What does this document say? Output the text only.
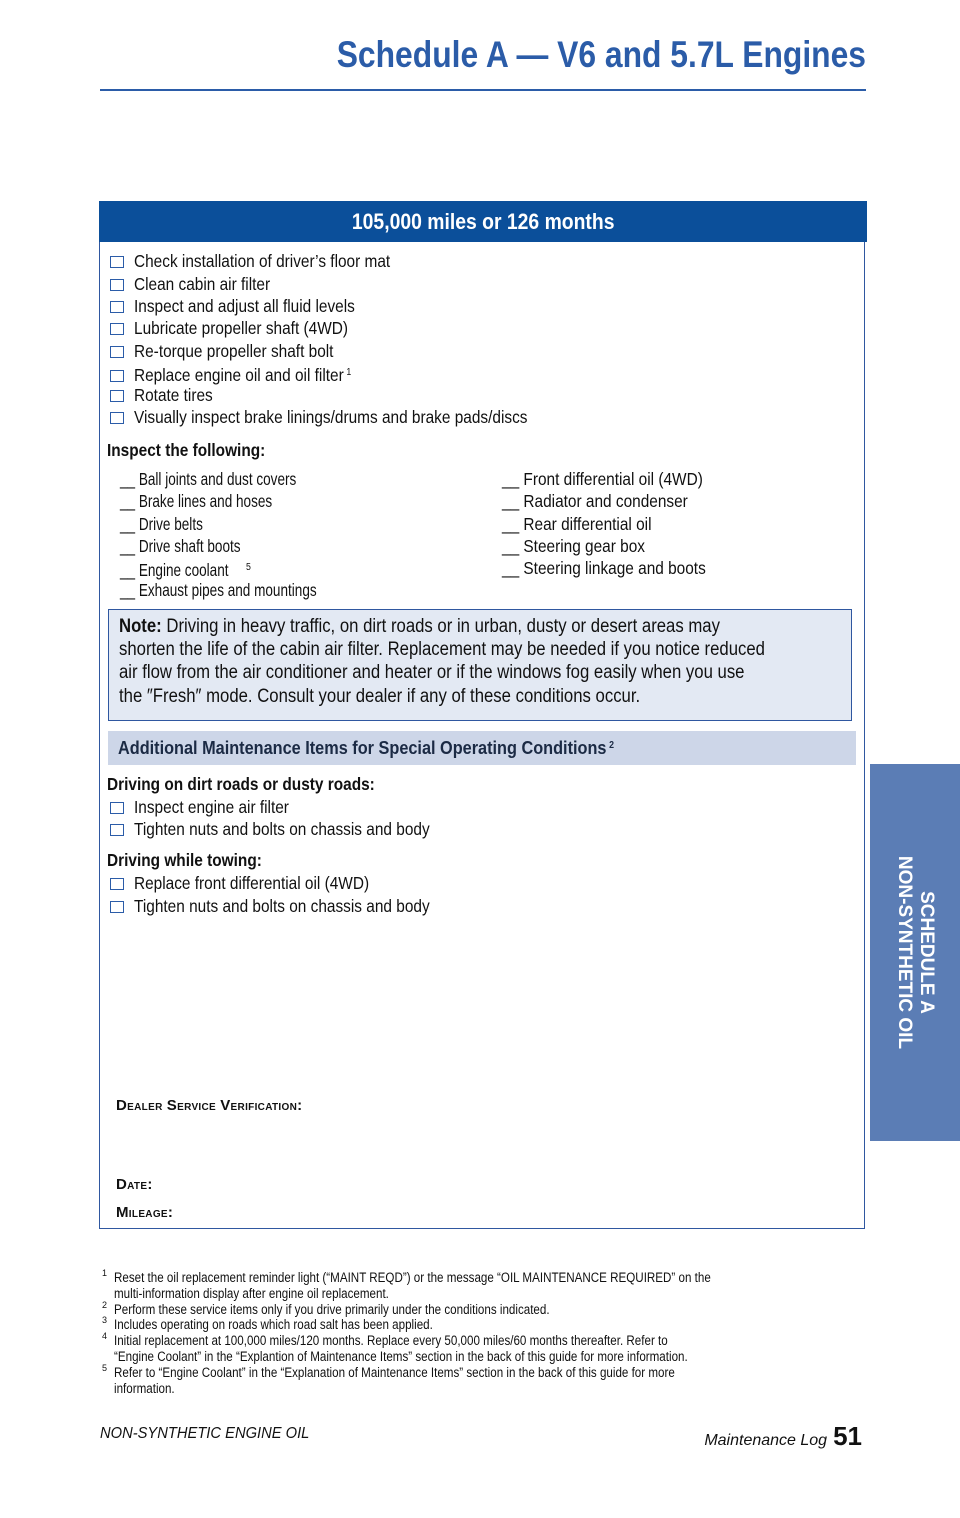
Schedule A — V6 and 5.7L Engines
105,000 miles or 126 months
Check installation of driver’s floor mat
Clean cabin air filter
Inspect and adjust all fluid levels
Lubricate propeller shaft (4WD)
Re-torque propeller shaft bolt
Replace engine oil and oil filter $^1$
Rotate tires
Visually inspect brake linings/drums and brake pads/discs
Inspect the following:
__ Ball joints and dust covers
__ Brake lines and hoses
__ Drive belts
__ Drive shaft boots
__ Engine coolant $^5$
__ Exhaust pipes and mountings
__ Front differential oil (4WD)
__ Radiator and condenser
__ Rear differential oil
__ Steering gear box
__ Steering linkage and boots
Note: Driving in heavy traffic, on dirt roads or in urban, dusty or desert areas may
shorten the life of the cabin air filter. Replacement may be needed if you notice reduced
air flow from the air conditioner and heater or if the windows fog easily when you use
the ″Fresh″ mode. Consult your dealer if any of these conditions occur.
Additional Maintenance Items for Special Operating Conditions $^2$
Driving on dirt roads or dusty roads:
Inspect engine air filter
Tighten nuts and bolts on chassis and body
Driving while towing:
Replace front differential oil (4WD)
Tighten nuts and bolts on chassis and body
DEALER SERVICE VERIFICATION:
DATE:
MILEAGE:
1 Reset the oil replacement reminder light (“MAINT REQD”) or the message “OIL MAINTENANCE REQUIRED” on the
multi-information display after engine oil replacement.
2 Perform these service items only if you drive primarily under the conditions indicated.
3 Includes operating on roads which road salt has been applied.
4 Initial replacement at 100,000 miles/120 months. Replace every 50,000 miles/60 months thereafter. Refer to
“Engine Coolant” in the “Explantion of Maintenance Items” section in the back of this guide for more information.
5 Refer to “Engine Coolant” in the “Explanation of Maintenance Items” section in the back of this guide for more
information.
NON-SYNTHETIC ENGINE OIL	Maintenance Log 51
SCHEDULE A
NON-SYNTHETIC OIL
